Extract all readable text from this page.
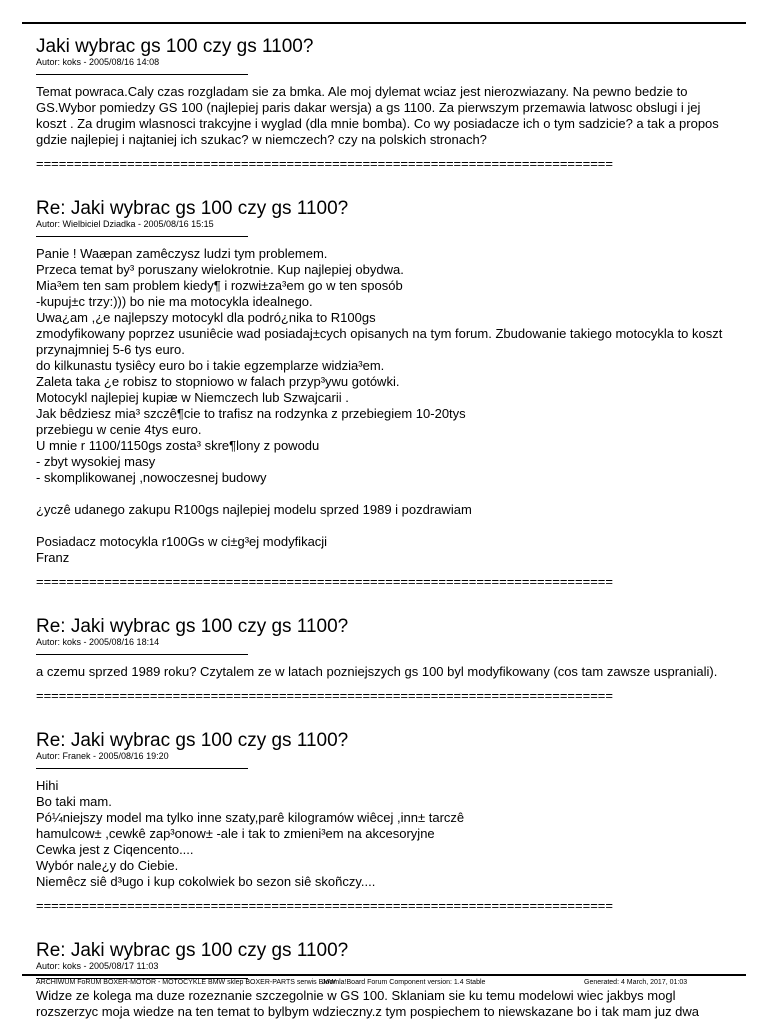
Jaki wybrac gs 100 czy gs 1100?

Autor: koks - 2005/08/16 14:08

Temat powraca.Caly czas rozgladam sie za bmka. Ale moj dylemat wciaz jest nierozwiazany. Na pewno bedzie to GS.Wybor pomiedzy GS 100 (najlepiej paris dakar wersja) a gs 1100. Za pierwszym przemawia latwosc obslugi i jej koszt . Za drugim wlasnosci trakcyjne i wyglad (dla mnie bomba). Co wy posiadacze ich o tym sadzicie? a tak a propos gdzie najlepiej i najtaniej ich szukac? w niemczech? czy na polskich stronach?
============================================================================
Re: Jaki wybrac gs 100 czy gs 1100?

Autor: Wielbiciel Dziadka - 2005/08/16 15:15

Panie ! Waæpan zamêczysz ludzi tym problemem.
Przeca temat by³ poruszany wielokrotnie. Kup najlepiej obydwa.
Mia³em ten sam problem kiedy¶ i rozwi±za³em go w ten sposób
-kupuj±c trzy:))) bo nie ma motocykla idealnego.
Uwa¿am ,¿e najlepszy motocykl dla podró¿nika to R100gs
zmodyfikowany poprzez usuniêcie wad posiadaj±cych opisanych na tym forum. Zbudowanie takiego motocykla to koszt przynajmniej 5-6 tys euro.
do kilkunastu tysiêcy euro bo i takie egzemplarze widzia³em.
Zaleta taka ¿e robisz to stopniowo w falach przyp³ywu gotówki.
Motocykl najlepiej kupiæ w Niemczech lub Szwajcarii .
Jak bêdziesz mia³ szczê¶cie to trafisz na rodzynka z przebiegiem 10-20tys
przebiegu w cenie 4tys euro.
U mnie r 1100/1150gs zosta³ skre¶lony z powodu
- zbyt wysokiej masy
- skomplikowanej ,nowoczesnej budowy

¿yczê udanego zakupu R100gs najlepiej modelu sprzed 1989 i pozdrawiam

Posiadacz motocykla r100Gs w ci±g³ej modyfikacji
Franz
============================================================================
Re: Jaki wybrac gs 100 czy gs 1100?

Autor: koks - 2005/08/16 18:14

a czemu sprzed 1989 roku? Czytalem ze w latach pozniejszych gs 100 byl modyfikowany (cos tam zawsze uspraniali).
============================================================================
Re: Jaki wybrac gs 100 czy gs 1100?

Autor: Franek - 2005/08/16 19:20

Hihi
Bo taki mam.
Pó¼niejszy model ma tylko inne szaty,parê kilogramów wiêcej ,inn± tarczê
hamulcow± ,cewkê zap³onow± -ale i tak to zmieni³em na akcesoryjne
Cewka jest z Ciqencento....
Wybór nale¿y do Ciebie.
Niemêcz siê d³ugo i kup cokolwiek bo sezon siê skoñczy....
============================================================================
Re: Jaki wybrac gs 100 czy gs 1100?

Autor: koks - 2005/08/17 11:03

Widze ze kolega ma duze rozeznanie szczegolnie w GS 100. Sklaniam sie ku temu modelowi wiec jakbys mogl rozszerzyc moja wiedze na ten temat to bylbym wdzieczny.z tym pospiechem to niewskazane bo i tak mam juz dwa
ARCHIWUM FoRUM BOXER-MOTOR - MOTOCYKLE BMW sklep BOXER-PARTS serwis BMW
Joomla!Board Forum Component version: 1.4 Stable	Generated: 4 March, 2017, 01:03
